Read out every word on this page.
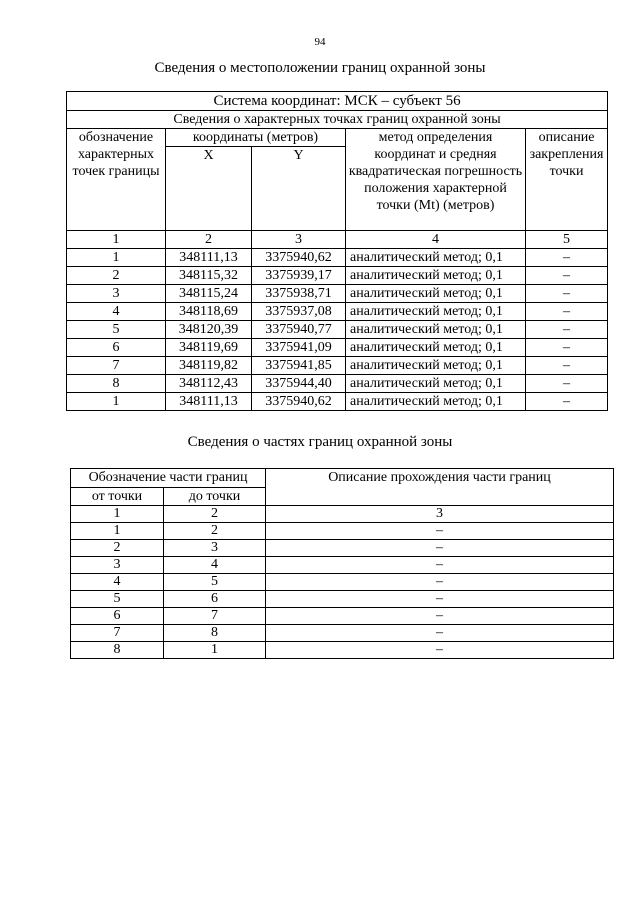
94
Сведения о местоположении границ охранной зоны
Система координат: МСК – субъект 56				
Сведения о характерных точках границ охранной зоны				
обозначение характерных точек границы	координаты (метров)		метод определения координат и средняя квадратическая погрешность положения характерной точки (Mt) (метров)	описание закрепления точки
	X	Y		
1	2	3	4	5
1	348111,13	3375940,62	аналитический метод; 0,1	–
2	348115,32	3375939,17	аналитический метод; 0,1	–
3	348115,24	3375938,71	аналитический метод; 0,1	–
4	348118,69	3375937,08	аналитический метод; 0,1	–
5	348120,39	3375940,77	аналитический метод; 0,1	–
6	348119,69	3375941,09	аналитический метод; 0,1	–
7	348119,82	3375941,85	аналитический метод; 0,1	–
8	348112,43	3375944,40	аналитический метод; 0,1	–
1	348111,13	3375940,62	аналитический метод; 0,1	–
Сведения о частях границ охранной зоны
Обозначение части границ		Описание прохождения части границ
от точки	до точки	
1	2	3
1	2	–
2	3	–
3	4	–
4	5	–
5	6	–
6	7	–
7	8	–
8	1	–
